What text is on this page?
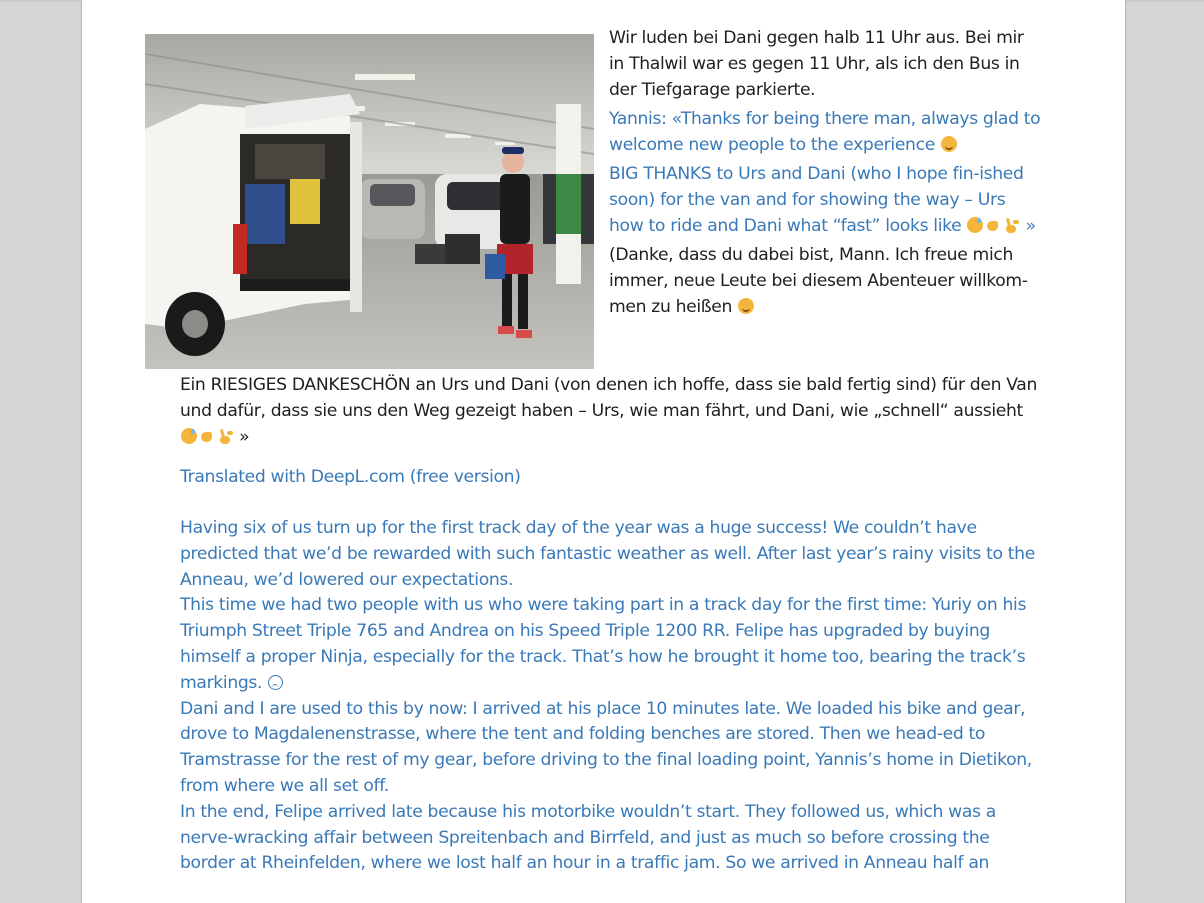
Wir luden bei Dani gegen halb 11 Uhr aus. Bei mir in Thalwil war es gegen 11 Uhr, als ich den Bus in der Tiefgarage parkierte.

Yannis: «Thanks for being there man, always glad to welcome new people to the experience

BIG THANKS to Urs and Dani (who I hope fin-ished soon) for the van and for showing the way – Urs how to ride and Dani what “fast” looks like	»

(Danke, dass du dabei bist, Mann. Ich freue mich immer, neue Leute bei diesem Abenteuer willkom-men zu heißen

Ein RIESIGES DANKESCHÖN an Urs und Dani (von denen ich hoffe, dass sie bald fertig sind) für den Van und dafür, dass sie uns den Weg gezeigt haben – Urs, wie man fährt, und Dani, wie „schnell“ aussieht  »

Translated with DeepL.com (free version)

Having six of us turn up for the first track day of the year was a huge success! We couldn’t have predicted that we’d be rewarded with such fantastic weather as well. After last year’s rainy visits to the Anneau, we’d lowered our expectations.

This time we had two people with us who were taking part in a track day for the first time: Yuriy on his Triumph Street Triple 765 and Andrea on his Speed Triple 1200 RR. Felipe has upgraded by buying himself a proper Ninja, especially for the track. That’s how he brought it home too, bearing the track’s markings.

Dani and I are used to this by now: I arrived at his place 10 minutes late. We loaded his bike and gear, drove to Magdalenenstrasse, where the tent and folding benches are stored. Then we head-ed to Tramstrasse for the rest of my gear, before driving to the final loading point, Yannis’s home in Dietikon, from where we all set off.

In the end, Felipe arrived late because his motorbike wouldn’t start. They followed us, which was a nerve-wracking affair between Spreitenbach and Birrfeld, and just as much so before crossing the border at Rheinfelden, where we lost half an hour in a traffic jam. So we arrived in Anneau half an
